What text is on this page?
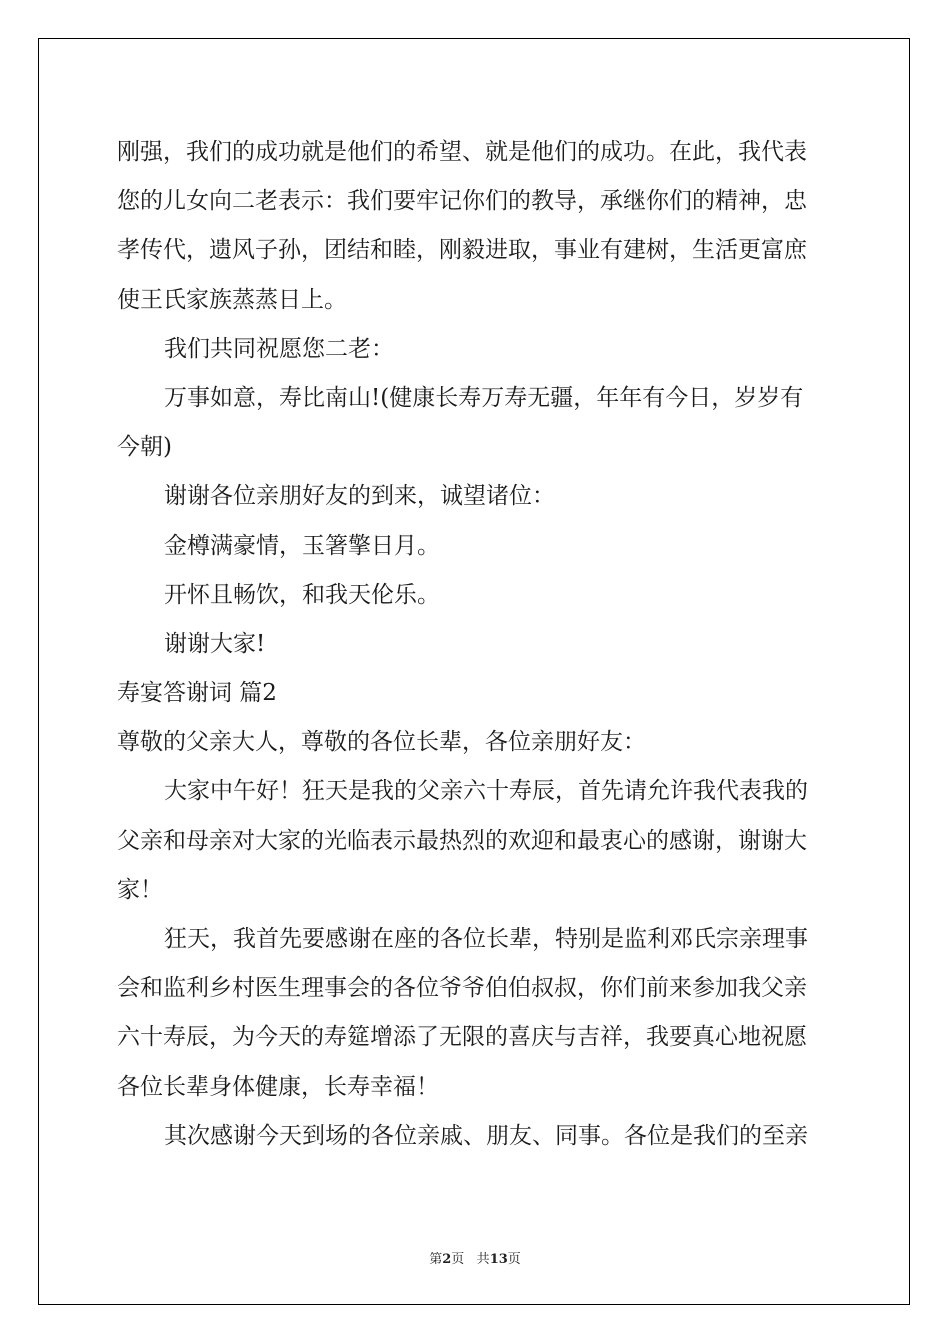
刚强，我们的成功就是他们的希望、就是他们的成功。在此，我代表
您的儿女向二老表示：我们要牢记你们的教导，承继你们的精神，忠
孝传代，遗风子孙，团结和睦，刚毅进取，事业有建树，生活更富庶
使王氏家族蒸蒸日上。
我们共同祝愿您二老：
万事如意，寿比南山!(健康长寿万寿无疆，年年有今日，岁岁有
今朝)
谢谢各位亲朋好友的到来，诚望诸位：
金樽满豪情，玉箸擎日月。
开怀且畅饮，和我天伦乐。
谢谢大家!
寿宴答谢词 篇2
尊敬的父亲大人，尊敬的各位长辈，各位亲朋好友：
大家中午好！狂天是我的父亲六十寿辰，首先请允许我代表我的
父亲和母亲对大家的光临表示最热烈的欢迎和最衷心的感谢，谢谢大
家！
狂天，我首先要感谢在座的各位长辈，特别是监利邓氏宗亲理事
会和监利乡村医生理事会的各位爷爷伯伯叔叔，你们前来参加我父亲
六十寿辰，为今天的寿筵增添了无限的喜庆与吉祥，我要真心地祝愿
各位长辈身体健康，长寿幸福！
其次感谢今天到场的各位亲戚、朋友、同事。各位是我们的至亲
第2页 共13页
